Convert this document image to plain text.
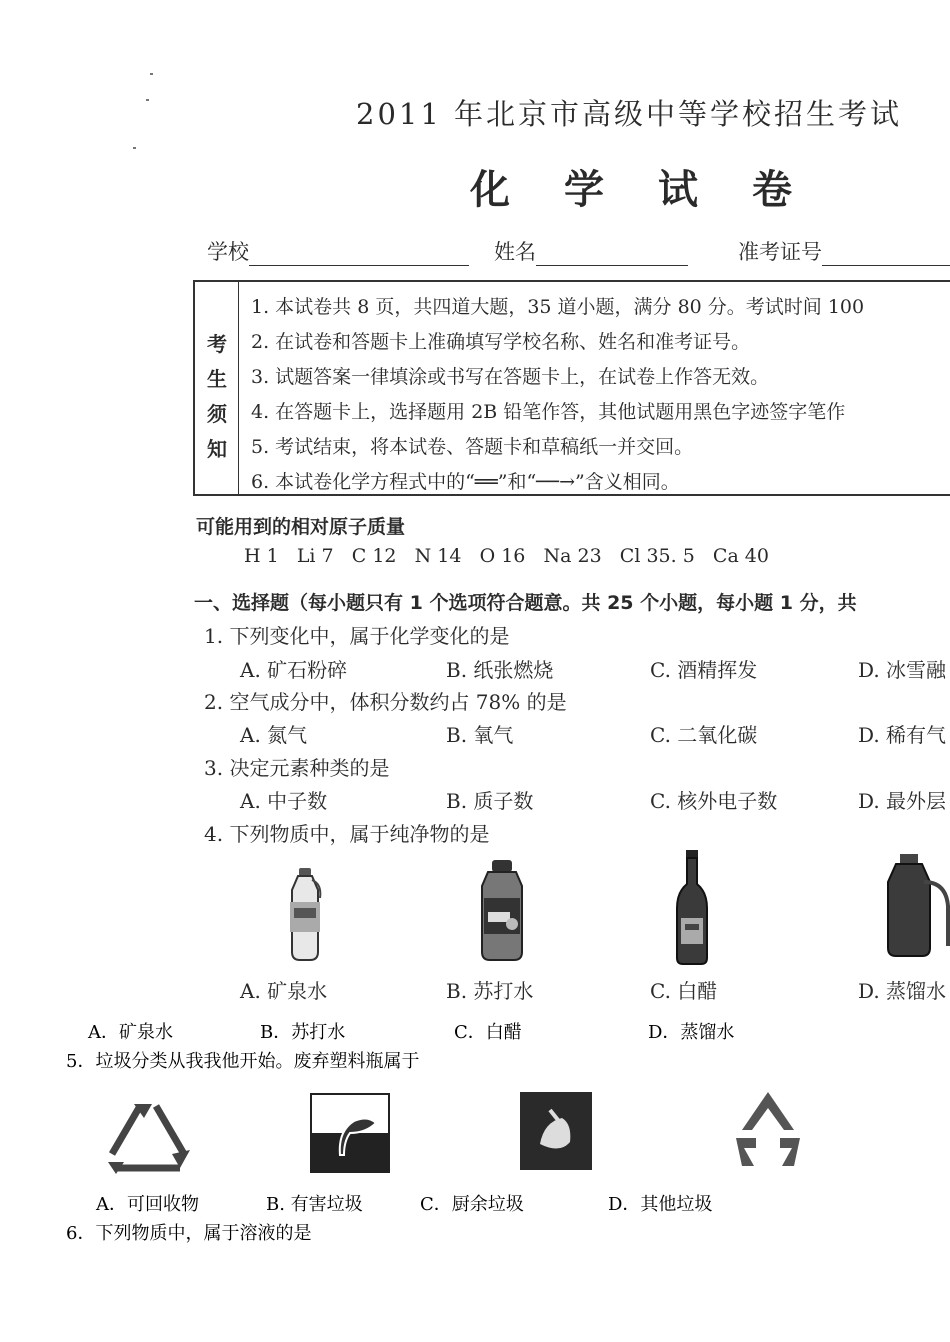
2011 年北京市高级中等学校招生考试
化 学 试 卷
学校	姓名	准考证号
考
生
须
知
1. 本试卷共 8 页，共四道大题，35 道小题，满分 80 分。考试时间 100
2. 在试卷和答题卡上准确填写学校名称、姓名和准考证号。
3. 试题答案一律填涂或书写在答题卡上，在试卷上作答无效。
4. 在答题卡上，选择题用 2B 铅笔作答，其他试题用黑色字迹签字笔作
5. 考试结束，将本试卷、答题卡和草稿纸一并交回。
6. 本试卷化学方程式中的“══”和“──→”含义相同。
可能用到的相对原子质量
H 1   Li 7   C 12   N 14   O 16   Na 23   Cl 35. 5   Ca 40
一、选择题（每小题只有 1 个选项符合题意。共 25 个小题，每小题 1 分，共
1. 下列变化中，属于化学变化的是
A. 矿石粉碎	B. 纸张燃烧	C. 酒精挥发	D. 冰雪融
2. 空气成分中，体积分数约占 78% 的是
A. 氮气	B. 氧气	C. 二氧化碳	D. 稀有气
3. 决定元素种类的是
A. 中子数	B. 质子数	C. 核外电子数	D. 最外层
4. 下列物质中，属于纯净物的是
A. 矿泉水	B. 苏打水	C. 白醋	D. 蒸馏水
A．矿泉水	B．苏打水	C．白醋	D．蒸馏水
5．垃圾分类从我我他开始。废弃塑料瓶属于
A．可回收物	B. 有害垃圾	C．厨余垃圾	D．其他垃圾
6．下列物质中，属于溶液的是
